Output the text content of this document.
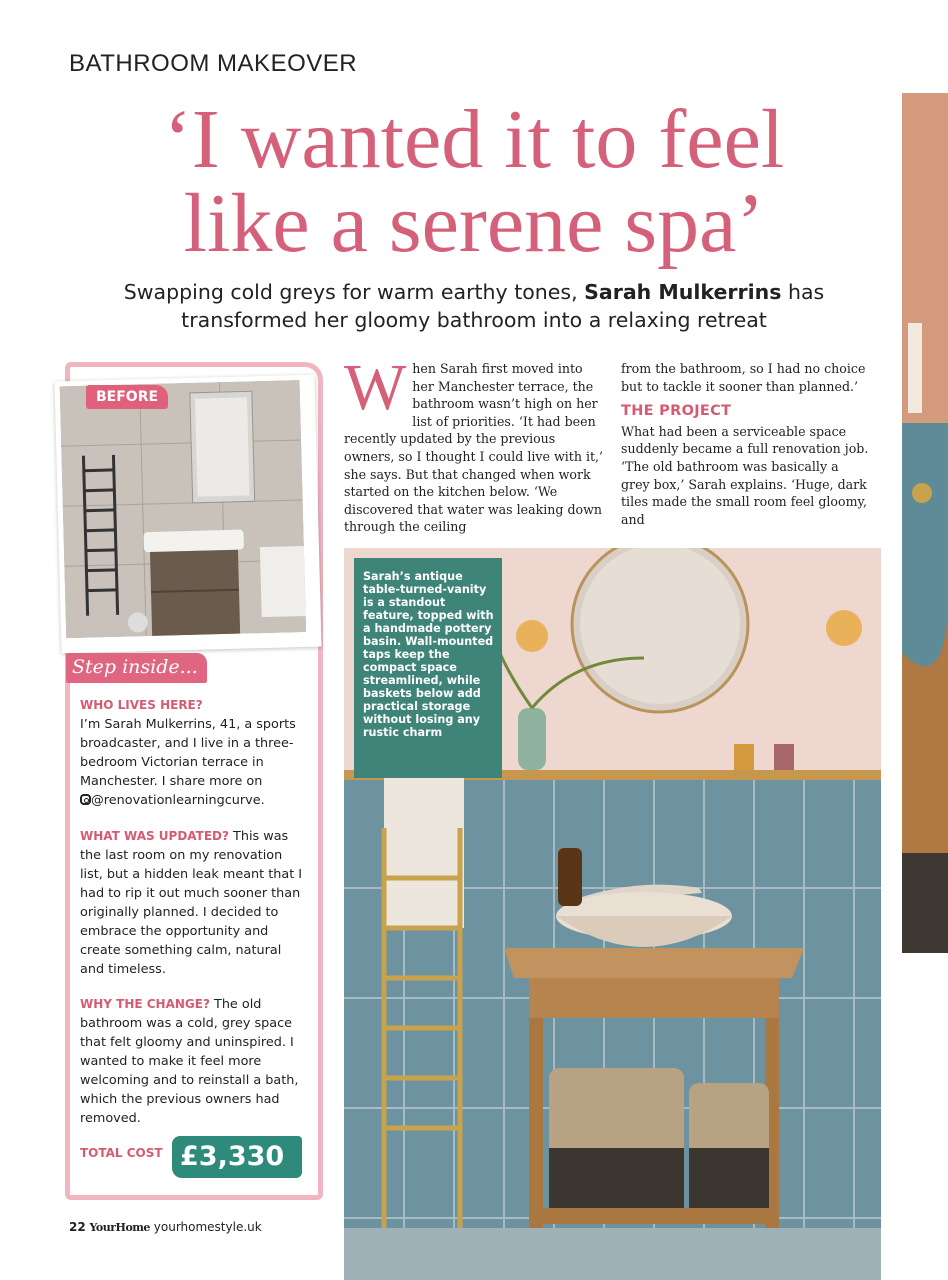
BATHROOM MAKEOVER
‘I wanted it to feel
like a serene spa’
Swapping cold greys for warm earthy tones, Sarah Mulkerrins has transformed her gloomy bathroom into a relaxing retreat
BEFORE
Step inside...
WHO LIVES HERE?
I’m Sarah Mulkerrins, 41, a sports broadcaster, and I live in a three-bedroom Victorian terrace in Manchester. I share more on
@renovationlearningcurve.
WHAT WAS UPDATED? This was the last room on my renovation list, but a hidden leak meant that I had to rip it out much sooner than originally planned. I decided to embrace the opportunity and create something calm, natural and timeless.
WHY THE CHANGE? The old bathroom was a cold, grey space that felt gloomy and uninspired. I wanted to make it feel more welcoming and to reinstall a bath, which the previous owners had removed.
TOTAL COST £3,330
W hen Sarah first moved into her Manchester terrace, the bathroom wasn’t high on her list of priorities. ‘It had been recently updated by the previous owners, so I thought I could live with it,’ she says. But that changed when work started on the kitchen below. ‘We discovered that water was leaking down through the ceiling

from the bathroom, so I had no choice but to tackle it sooner than planned.’

THE PROJECT

What had been a serviceable space suddenly became a full renovation job. ‘The old bathroom was basically a grey box,’ Sarah explains. ‘Huge, dark tiles made the small room feel gloomy, and

Sarah’s antique table-turned-vanity is a standout feature, topped with a handmade pottery basin. Wall-mounted taps keep the compact space streamlined, while baskets below add practical storage without losing any rustic charm
22 YourHome yourhomestyle.uk
